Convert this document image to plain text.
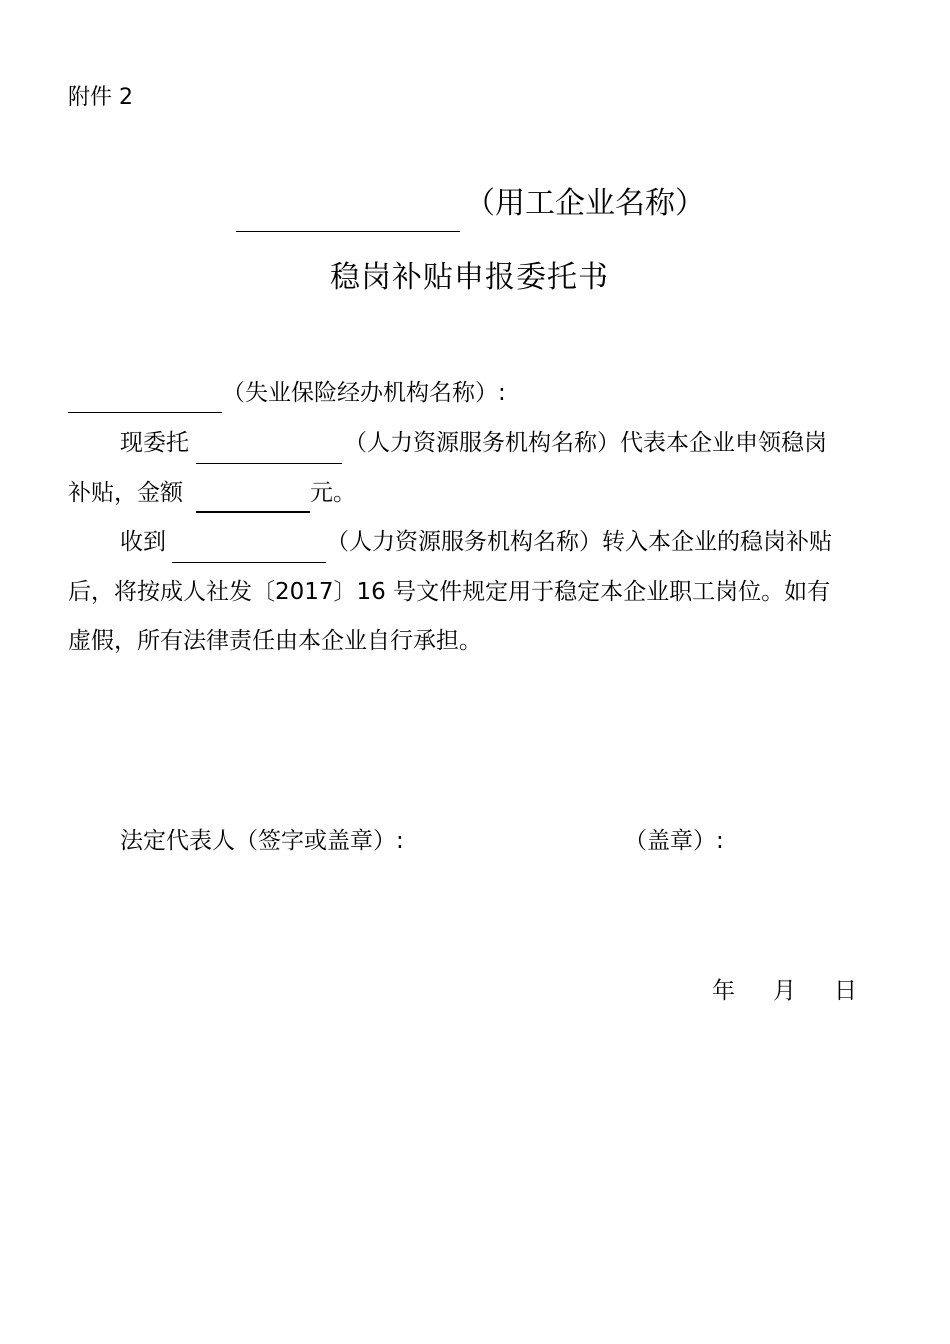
附件 2
（用工企业名称）
稳岗补贴申报委托书
（失业保险经办机构名称）:
现委托	（人力资源服务机构名称）代表本企业申领稳岗
补贴，金额	元。
收到	（人力资源服务机构名称）转入本企业的稳岗补贴
后，将按成人社发〔2017〕16 号文件规定用于稳定本企业职工岗位。如有
虚假，所有法律责任由本企业自行承担。
法定代表人（签字或盖章）:	（盖章）:
年 月 日
